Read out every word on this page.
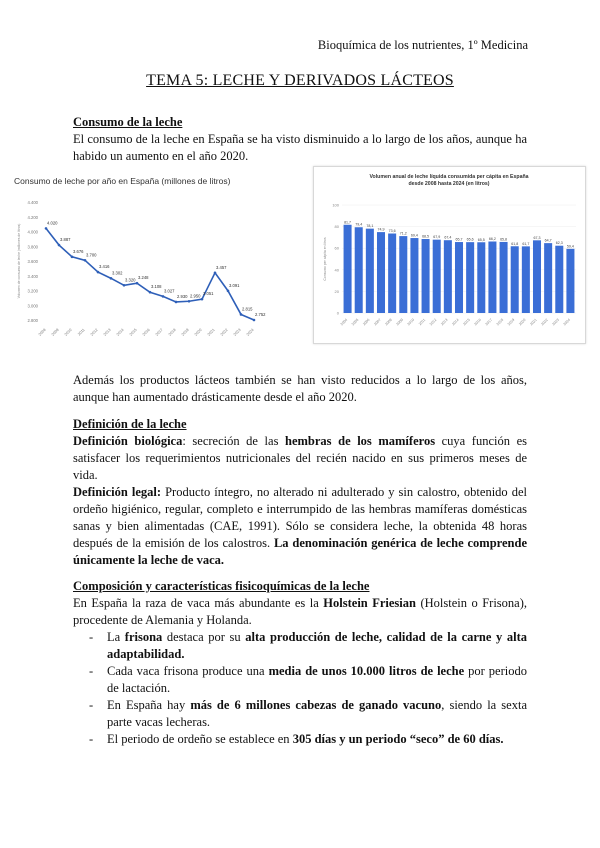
Bioquímica de los nutrientes, 1º Medicina
TEMA 5: LECHE Y DERIVADOS LÁCTEOS
Consumo de la leche
El consumo de la leche en España se ha visto disminuido a lo largo de los años, aunque ha habido un aumento en el año 2020.
Consumo de leche por año en España (millones de litros)
4.400
4.200
4.000
3.800
3.600
3.400
3.200
3.000
2.800
Volumen de consumo de leche (millones de litros)
2008 2009 2010 2011 2012 2013 2014 2015 2016 2017 2018 2019 2020 2021 2022 2023 2024
4.020
3.887
3.676
3.700
3.416
3.302
3.320 3.248
3.108
3.027
2.930 2.950 3.051
3.457
3.091
2.815
2.752
Volumen anual de leche líquida consumida per cápita en España desde 2008 hasta 2024 (en litros)
100
80
60
40
20
0
Consumo per cápita en litros
81,7
2004
79,4
2005
78,1
2006
74,9
2007
73,6
2008
71,2
2009
69,4
2010
68,5
2011
67,9
2012
67,4
2013
65,7
2014
65,6
2015
65,5
2016
66,2
2017
65,8
2018
61,8
2019
61,7
2020
67,3
2021
64,7
2022
62,3
2023
59,4
2024
Además los productos lácteos también se han visto reducidos a lo largo de los años, aunque han aumentado drásticamente desde el año 2020.
Definición de la leche
Definición biológica: secreción de las hembras de los mamíferos cuya función es satisfacer los requerimientos nutricionales del recién nacido en sus primeros meses de vida.
Definición legal: Producto íntegro, no alterado ni adulterado y sin calostro, obtenido del ordeño higiénico, regular, completo e interrumpido de las hembras mamíferas domésticas sanas y bien alimentadas (CAE, 1991). Sólo se considera leche, la obtenida 48 horas después de la emisión de los calostros. La denominación genérica de leche comprende únicamente la leche de vaca.
Composición y características fisicoquímicas de la leche
En España la raza de vaca más abundante es la Holstein Friesian (Holstein o Frisona), procedente de Alemania y Holanda.
- La frisona destaca por su alta producción de leche, calidad de la carne y alta adaptabilidad.
- Cada vaca frisona produce una media de unos 10.000 litros de leche por periodo de lactación.
- En España hay más de 6 millones cabezas de ganado vacuno, siendo la sexta parte vacas lecheras.
- El periodo de ordeño se establece en 305 días y un periodo “seco” de 60 días.
